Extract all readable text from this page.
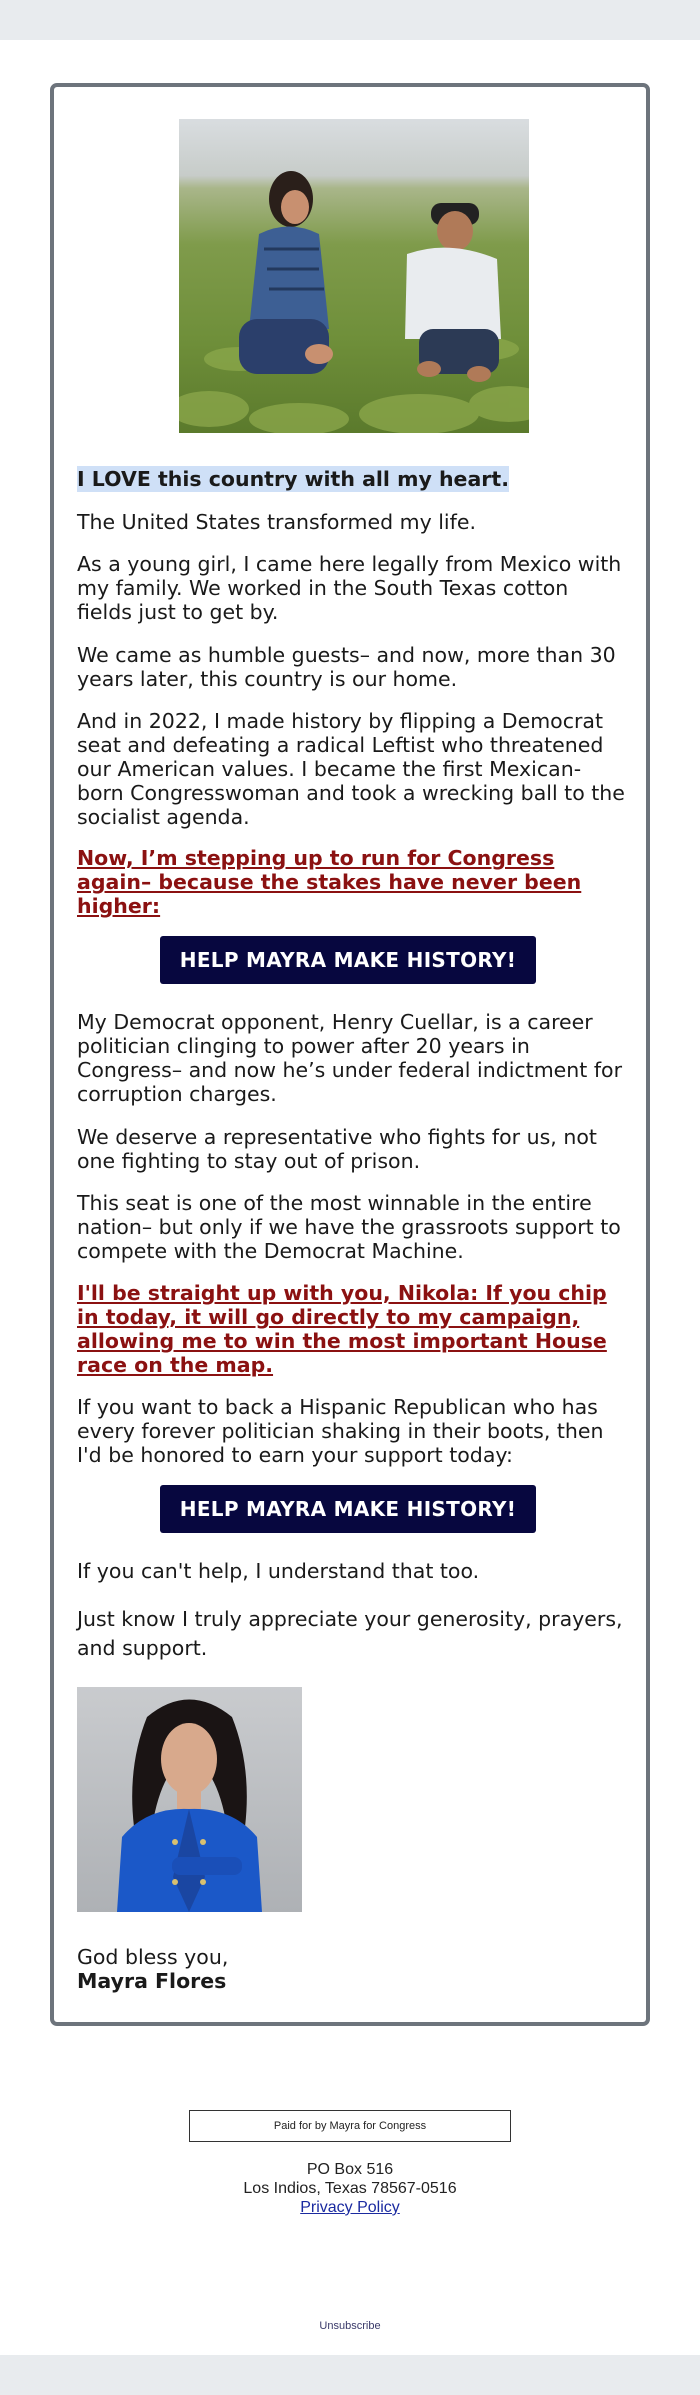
I LOVE this country with all my heart.

The United States transformed my life.

As a young girl, I came here legally from Mexico with my family. We worked in the South Texas cotton fields just to get by.

We came as humble guests– and now, more than 30 years later, this country is our home.

And in 2022, I made history by flipping a Democrat seat and defeating a radical Leftist who threatened our American values. I became the first Mexican-born Congresswoman and took a wrecking ball to the socialist agenda.

Now, I’m stepping up to run for Congress again– because the stakes have never been higher:

HELP MAYRA MAKE HISTORY!

My Democrat opponent, Henry Cuellar, is a career politician clinging to power after 20 years in Congress– and now he’s under federal indictment for corruption charges.

We deserve a representative who fights for us, not one fighting to stay out of prison.

This seat is one of the most winnable in the entire nation– but only if we have the grassroots support to compete with the Democrat Machine.

I'll be straight up with you, Nikola: If you chip in today, it will go directly to my campaign, allowing me to win the most important House race on the map.

If you want to back a Hispanic Republican who has every forever politician shaking in their boots, then I'd be honored to earn your support today:

HELP MAYRA MAKE HISTORY!

If you can't help, I understand that too.

Just know I truly appreciate your generosity, prayers, and support.

God bless you,

Mayra Flores

Paid for by Mayra for Congress
PO Box 516
Los Indios, Texas 78567-0516
Privacy Policy
Unsubscribe
